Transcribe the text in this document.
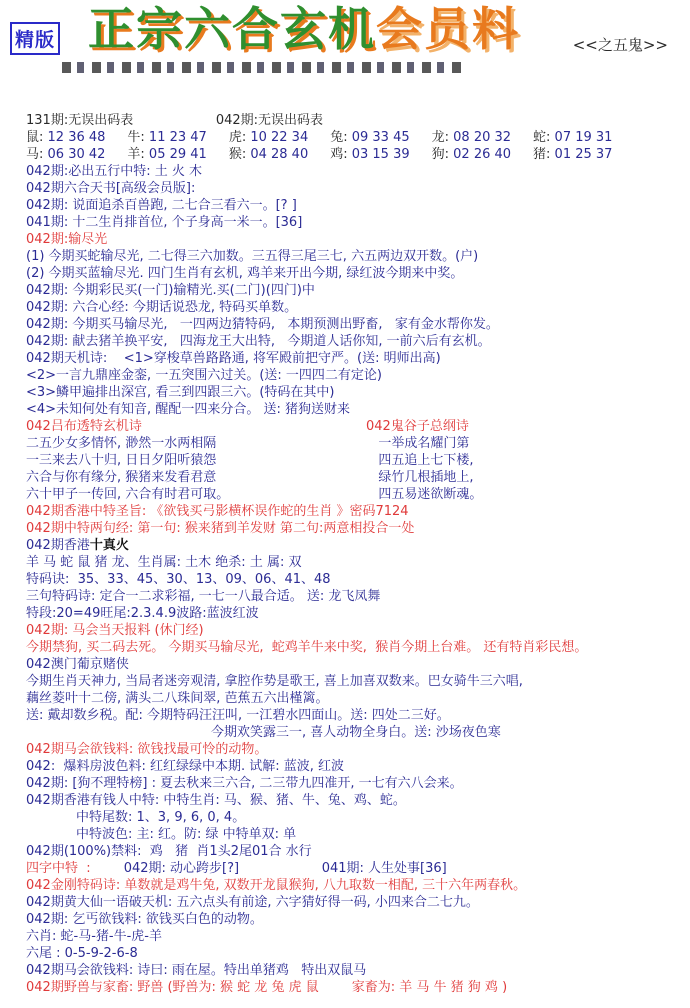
精版 正宗六合玄机会员料	<<之五鬼>>
131期:无误出码表	042期:无误出码表
鼠: 12 36 48 牛: 11 23 47 虎: 10 22 34 兔: 09 33 45 龙: 08 20 32 蛇: 07 19 31
马: 06 30 42 羊: 05 29 41 猴: 04 28 40 鸡: 03 15 39 狗: 02 26 40 猪: 01 25 37
042期:必出五行中特: 土 火 木
042期六合天书[高级会员版]:
042期: 说面追杀百兽跑, 二七合三看六一。[? ]
041期: 十二生肖排首位, 个子身高一米一。[36]
042期:输尽光
(1) 今期买蛇输尽光, 二七得三六加数。三五得三尾三七, 六五两边双开数。(户)
(2) 今期买蓝输尽光. 四门生肖有玄机, 鸡羊来开出今期, 绿红波今期来中奖。
042期: 今期彩民买(一门)输精光.买(二门)(四门)中
042期: 六合心经: 今期话说恐龙, 特码买单数。
042期: 今期买马输尽光,   一四两边猜特码,   本期预测出野畜,   家有金水帮你发。
042期: 献去猪羊换平安,   四海龙王大出特,   今期道人话你知, 一前六后有玄机。
042期天机诗:    <1>穿梭草兽路路通, 将军殿前把守严。(送: 明师出高)
<2>一言九鼎座金銮, 一五突围六过关。(送: 一四四二有定论)
<3>鳞甲遍排出深宫, 看三到四跟三六。(特码在其中)
<4>未知何处有知音, 醒配一四来分合。 送: 猪狗送财来
042吕布透特玄机诗	042鬼谷子总纲诗
二五少女多情怀, 渺然一水两相隔	一举成名耀门第
一三来去八十归, 日日夕阳听猿怨	四五追上七下楼,
六合与你有缘分, 猴猪来发看君意	绿竹几根插地上,
六十甲子一传回, 六合有时君可取。	四五易迷欲断魂。
042期香港中特圣旨: 《欲钱买弓影横杯误作蛇的生肖 》密码7124
042期中特两句经: 第一句: 猴来猪到羊发财 第二句:两意相投合一处
042期香港十真火
羊 马 蛇 鼠 猪 龙、生肖属: 土木 绝杀: 土 属: 双
特码诀:  35、33、45、30、13、09、06、41、48
三句特码诗: 定合一二求彩福, 一七一八最合适。 送: 龙飞凤舞
特段:20=49旺尾:2.3.4.9波路:蓝波红波
042期: 马会当天报料 (休门经)
今期禁狗, 买二码去死。 今期买马输尽光,  蛇鸡羊牛来中奖,  猴肖今期上台难。 还有特肖彩民想。
042澳门葡京赌侠
今期生肖天神力, 当局者迷旁观清, 拿腔作势是歌王, 喜上加喜双数来。巴女骑牛三六唱,
藕丝菱叶十二傍, 满头二八珠间翠, 芭蕉五六出槿篱。
送: 戴却数乡税。配: 今期特码汪汪叫, 一江碧水四面山。送: 四处二三好。
今期欢笑露三一, 喜人动物全身白。送: 沙场夜色寒
042期马会欲钱料: 欲钱找最可怜的动物。
042:  爆料房波色料: 红红绿绿中本期. 试解: 蓝波, 红波
042期: [狗不理特榜] : 夏去秋来三六合, 二三带九四准开, 一七有六八会来。
042期香港有钱人中特: 中特生肖: 马、猴、猪、牛、兔、鸡、蛇。
中特尾数: 1、3, 9, 6, 0, 4。
中特波色: 主: 红。防: 绿 中特单双: 单
042期(100%)禁料:  鸡   猪  肖1头2尾01合 水行
四字中特  :        042期: 动心跨步[?]                    041期: 人生处事[36]
042金刚特码诗: 单数就是鸡牛兔, 双数开龙鼠猴狗, 八九取数一相配, 三十六年两春秋。
042期黄大仙一语破天机: 五六点头有前途, 六字猜好得一码, 小四来合二七九。
042期: 乞丐欲钱料: 欲钱买白色的动物。
六肖: 蛇-马-猪-牛-虎-羊
六尾 : 0-5-9-2-6-8
042期马会欲钱料: 诗曰: 雨在屋。特出单猪鸡   特出双鼠马
042期野兽与家畜: 野兽 (野兽为: 猴 蛇 龙 兔 虎 鼠        家畜为: 羊 马 牛 猪 狗 鸡 )
